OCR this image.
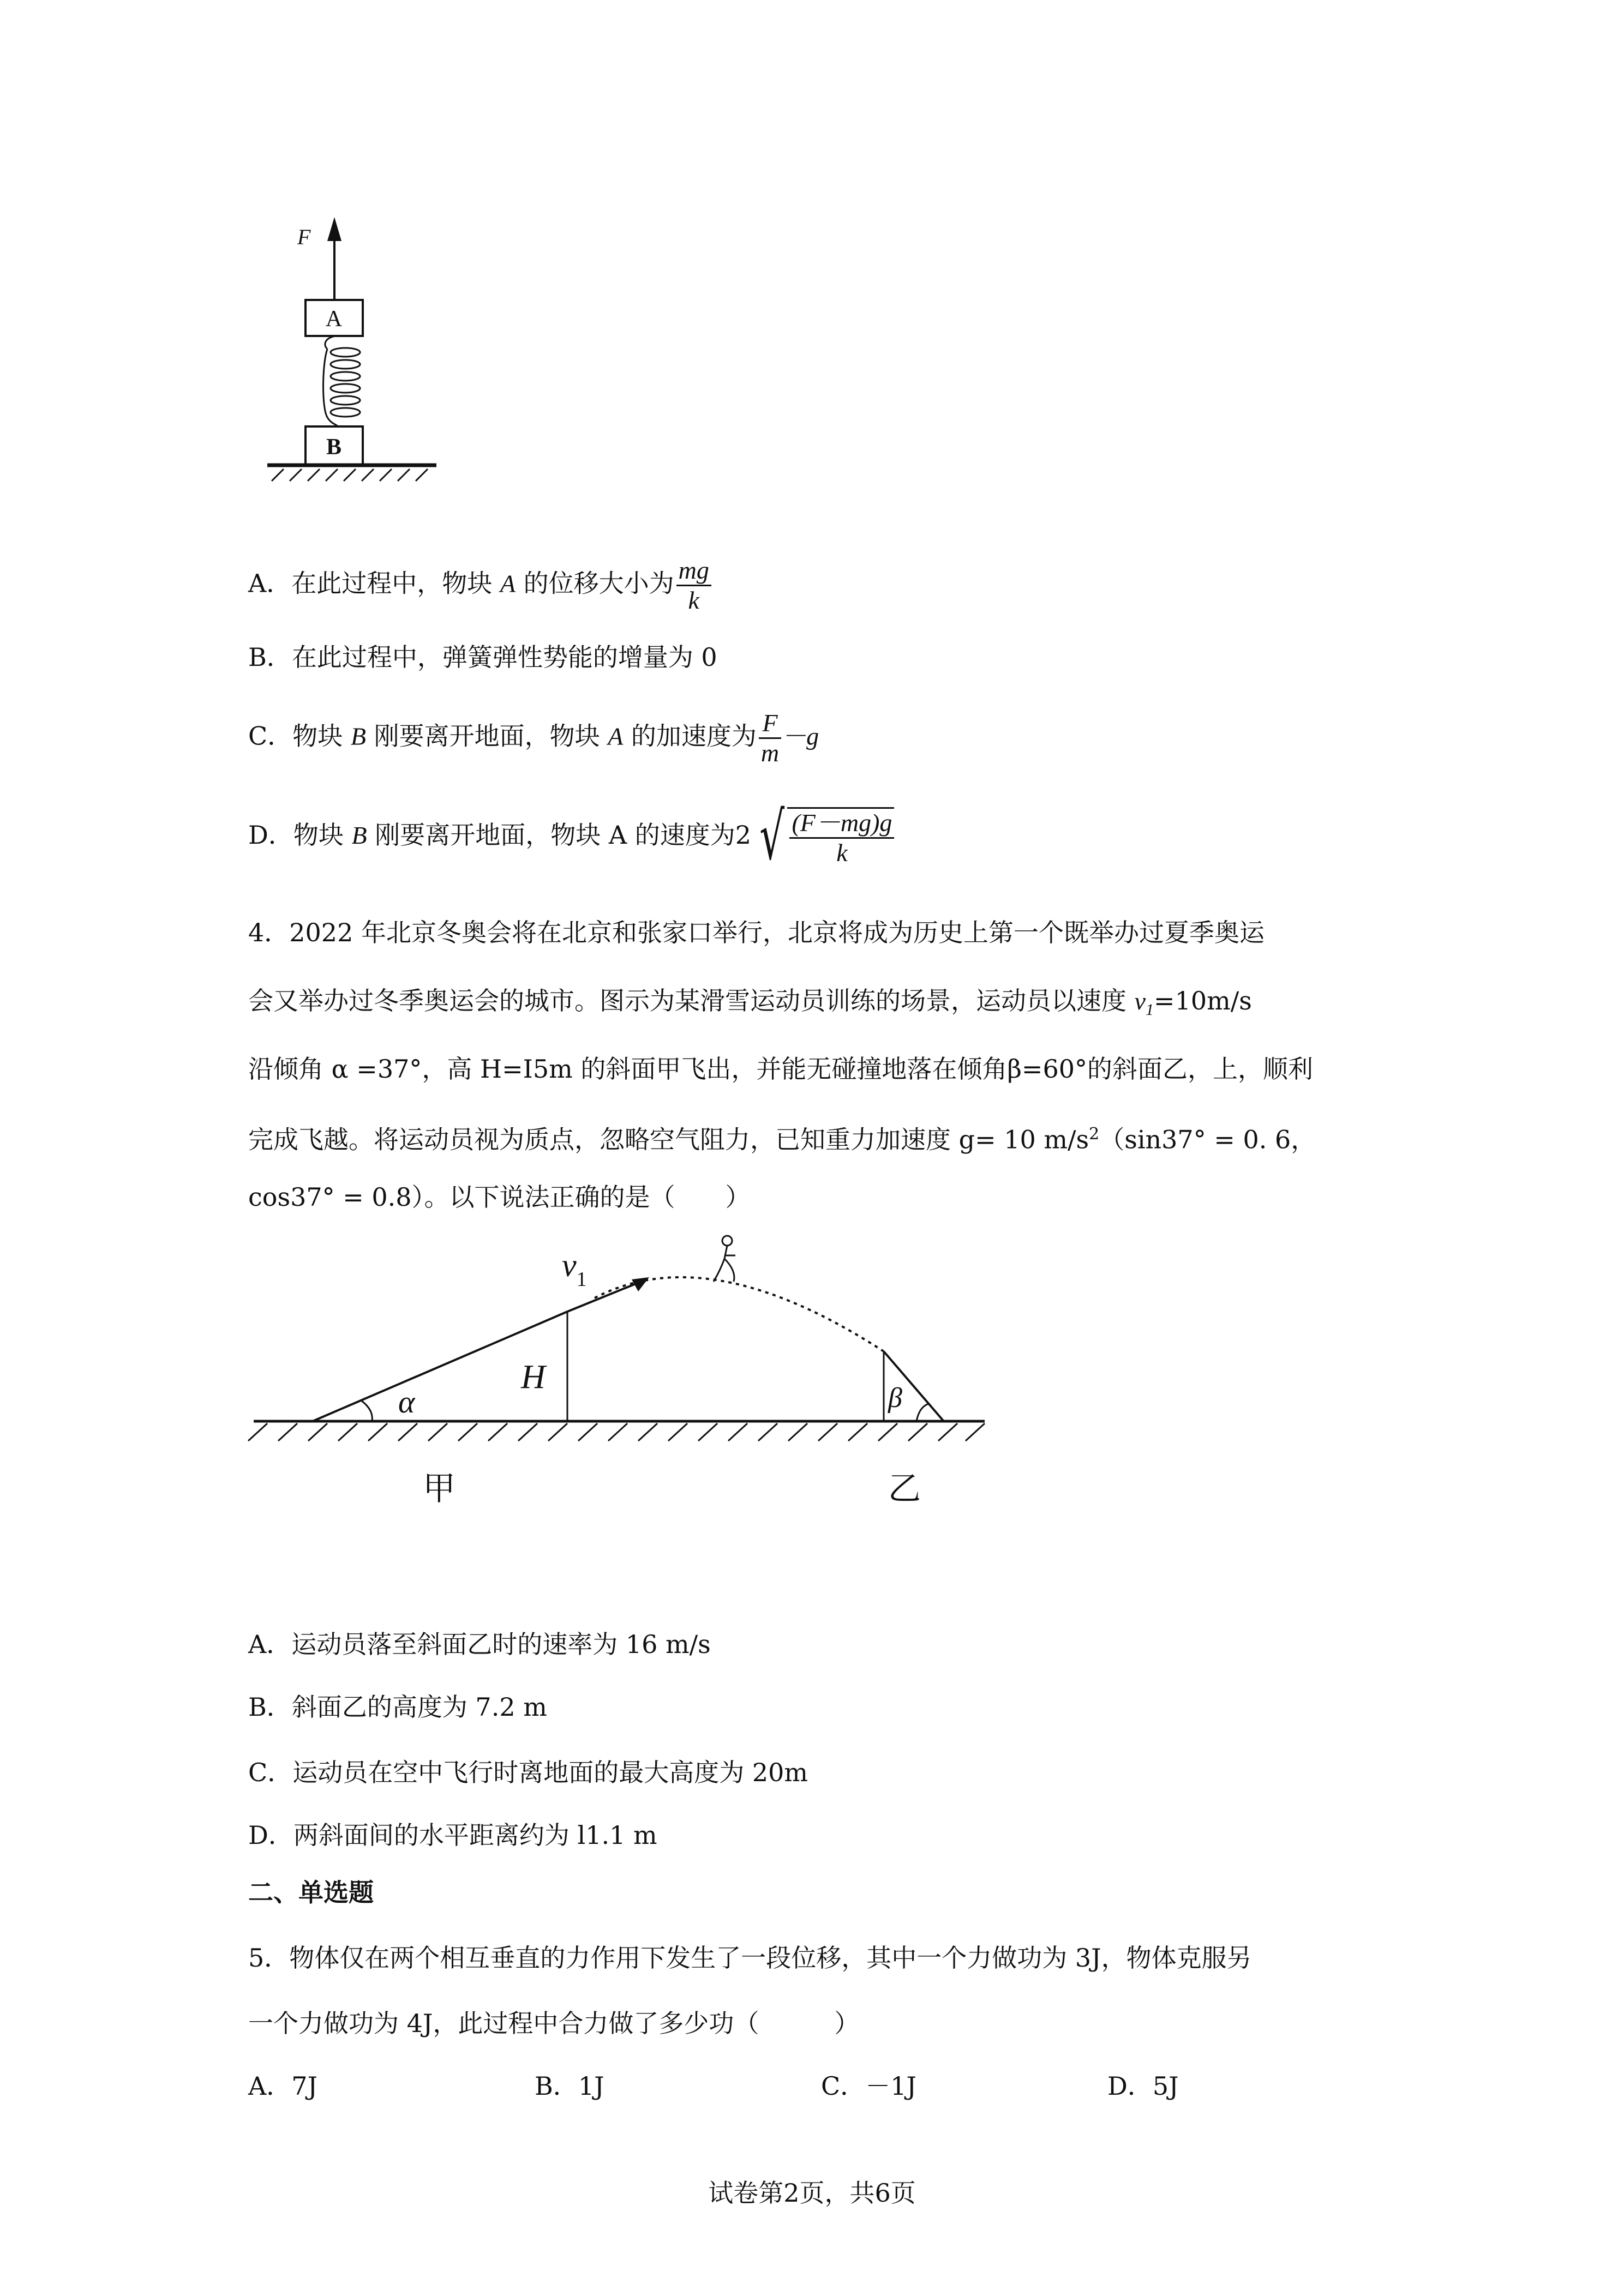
F
A
B
A．在此过程中，物块 A 的位移大小为 $\frac{mg}{k}$
B．在此过程中，弹簧弹性势能的增量为 0
C．物块 B 刚要离开地面，物块 A 的加速度为 $\frac{F}{m} -g$
D．物块 B 刚要离开地面，物块 A 的速度为2 √ $\frac{(F-mg)g}{k}$
4．2022 年北京冬奥会将在北京和张家口举行，北京将成为历史上第一个既举办过夏季奥运
会又举办过冬季奥运会的城市。图示为某滑雪运动员训练的场景，运动员以速度 $v_1=10m/s$
沿倾角 α =37°，高 H=I5m 的斜面甲飞出，并能无碰撞地落在倾角β=60°的斜面乙，上，顺利
完成飞越。将运动员视为质点，忽略空气阻力，已知重力加速度 g= 10 $m/s^2(\sin 37^\circ = 0$. 6，
cos37° = 0.8）。以下说法正确的是（　　）
$v_1$
H
α	β
甲	乙
A．运动员落至斜面乙时的速率为 16 m/s
B．斜面乙的高度为 7.2 m
C．运动员在空中飞行时离地面的最大高度为 20m
D．两斜面间的水平距离约为 l1.1 m
二、单选题
5．物体仅在两个相互垂直的力作用下发生了一段位移，其中一个力做功为 3J，物体克服另
一个力做功为 4J，此过程中合力做了多少功（　　　）
A．7J	B．1J	C．－1J	D．5J
试卷第2页，共6页
